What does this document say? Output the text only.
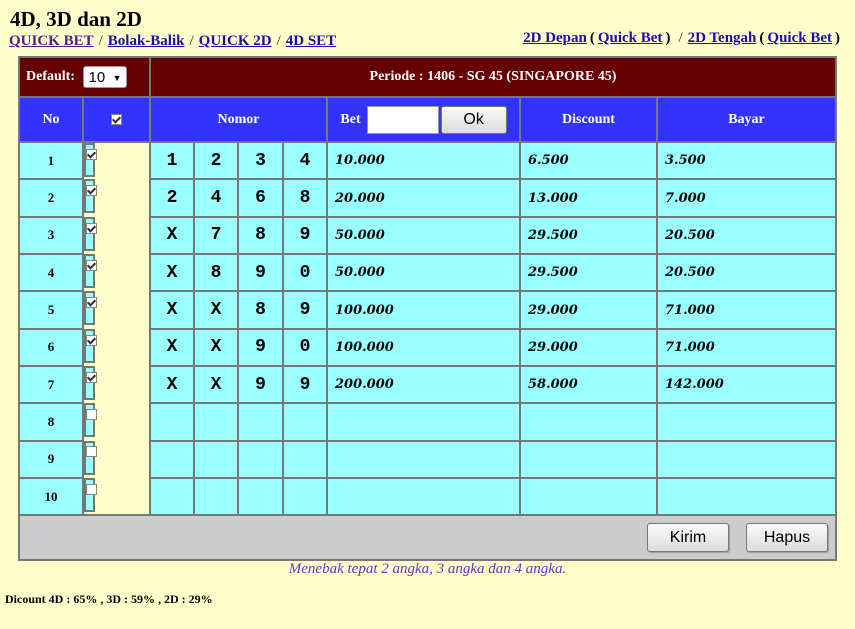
4D, 3D dan 2D
QUICK BET / Bolak-Balik / QUICK 2D / 4D SET	2D Depan ( Quick Bet ) / 2D Tengah ( Quick Bet )
Default: 10 ▼		Periode : 1406 - SG 45 (SINGAPORE 45)						
No		Nomor				Bet Ok	Discount	Bayar
1	1	2	3	4	10.000	6.500	3.500
2	2	4	6	8	20.000	13.000	7.000
3	X	7	8	9	50.000	29.500	20.500
4	X	8	9	0	50.000	29.500	20.500
5	X	X	8	9	100.000	29.000	71.000
6	X	X	9	0	100.000	29.000	71.000
7	X	X	9	9	200.000	58.000	142.000
8							
9							
10							
Kirim Hapus								
Menebak tepat 2 angka, 3 angka dan 4 angka.
Dicount 4D : 65% , 3D : 59% , 2D : 29%
